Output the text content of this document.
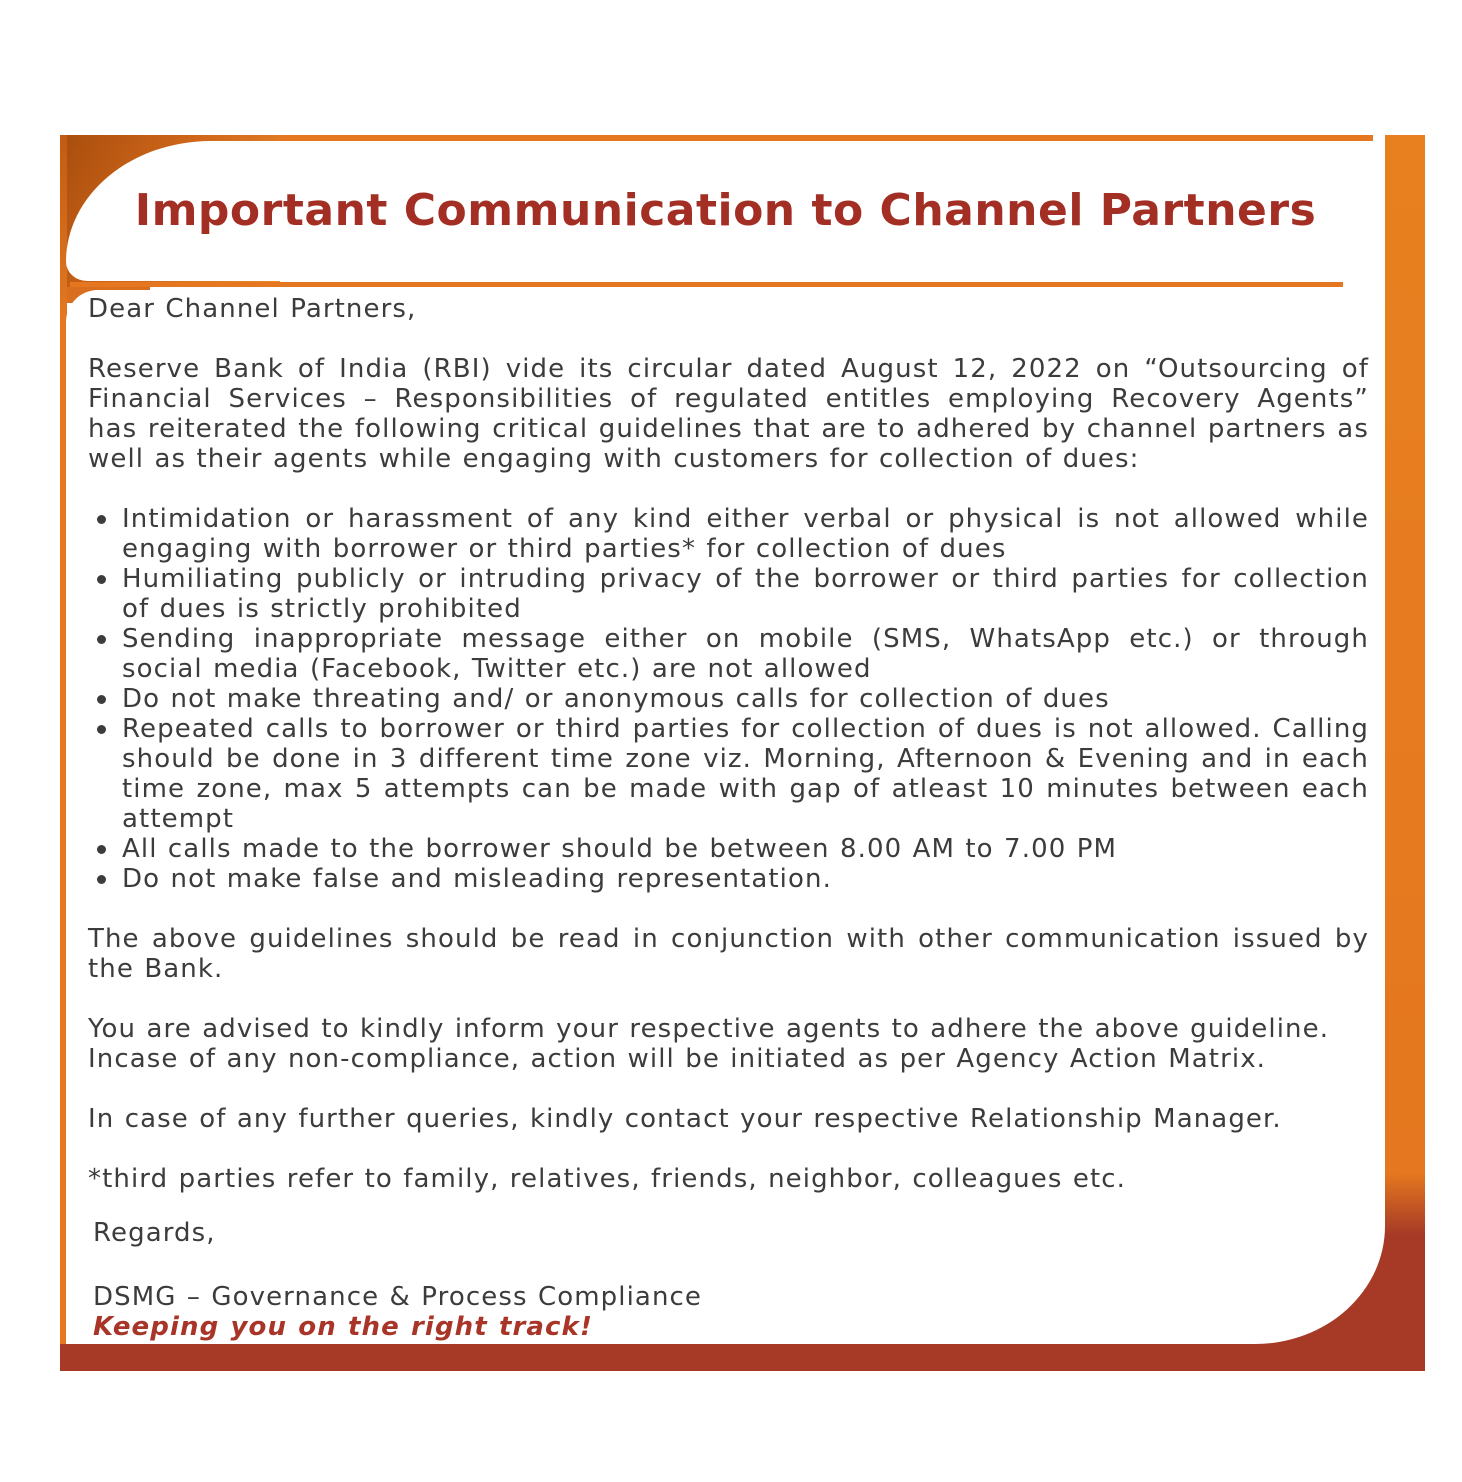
Important Communication to Channel Partners

Dear Channel Partners,

Reserve Bank of India (RBI) vide its circular dated August 12, 2022 on “Outsourcing of Financial Services – Responsibilities of regulated entitles employing Recovery Agents” has reiterated the following critical guidelines that are to adhered by channel partners as well as their agents while engaging with customers for collection of dues:

Intimidation or harassment of any kind either verbal or physical is not allowed while engaging with borrower or third parties* for collection of dues
Humiliating publicly or intruding privacy of the borrower or third parties for collection of dues is strictly prohibited
Sending inappropriate message either on mobile (SMS, WhatsApp etc.) or through social media (Facebook, Twitter etc.) are not allowed
Do not make threating and/ or anonymous calls for collection of dues
Repeated calls to borrower or third parties for collection of dues is not allowed. Calling should be done in 3 different time zone viz. Morning, Afternoon & Evening and in each time zone, max 5 attempts can be made with gap of atleast 10 minutes between each attempt
All calls made to the borrower should be between 8.00 AM to 7.00 PM
Do not make false and misleading representation.

The above guidelines should be read in conjunction with other communication issued by the Bank.

You are advised to kindly inform your respective agents to adhere the above guideline.
Incase of any non-compliance, action will be initiated as per Agency Action Matrix.

In case of any further queries, kindly contact your respective Relationship Manager.

*third parties refer to family, relatives, friends, neighbor, colleagues etc.

Regards,

DSMG – Governance & Process Compliance

Keeping you on the right track!
